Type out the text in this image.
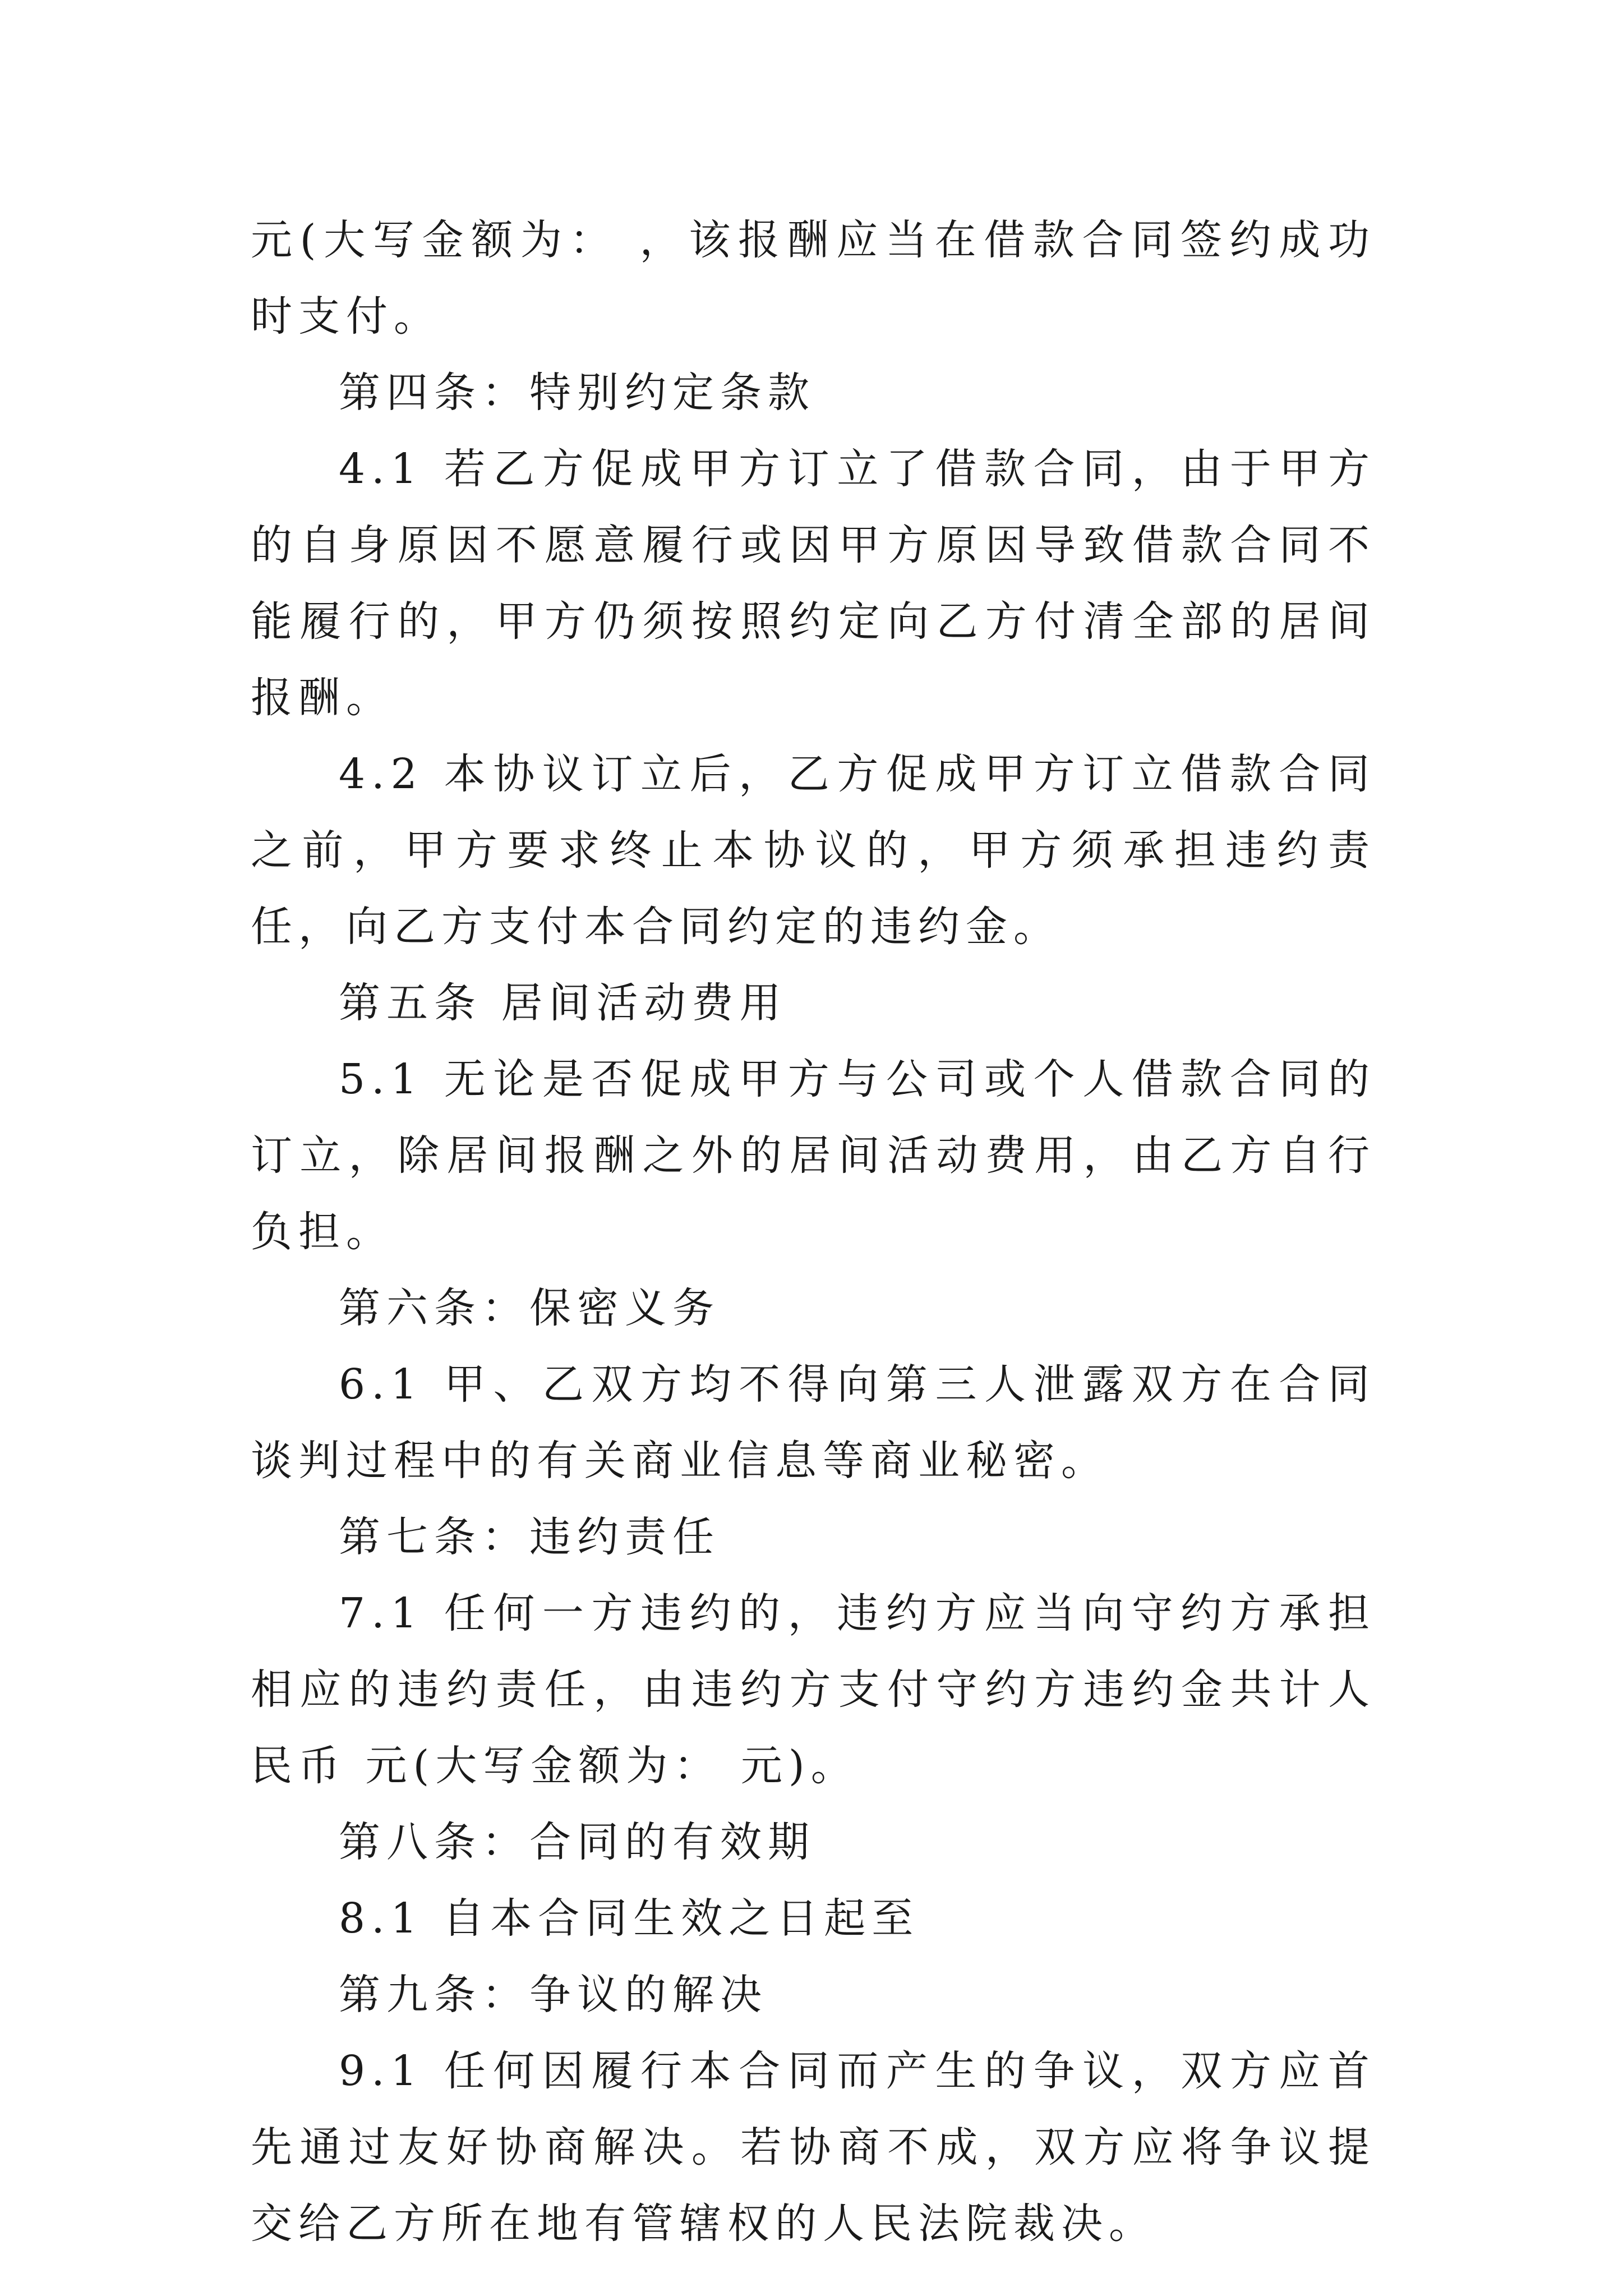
元(大写金额为： ，该报酬应当在借款合同签约成功时支付。

第四条：特别约定条款

4.1 若乙方促成甲方订立了借款合同，由于甲方的自身原因不愿意履行或因甲方原因导致借款合同不能履行的，甲方仍须按照约定向乙方付清全部的居间报酬。

4.2 本协议订立后，乙方促成甲方订立借款合同之前，甲方要求终止本协议的，甲方须承担违约责任，向乙方支付本合同约定的违约金。

第五条 居间活动费用

5.1 无论是否促成甲方与公司或个人借款合同的订立，除居间报酬之外的居间活动费用，由乙方自行负担。

第六条：保密义务

6.1 甲、乙双方均不得向第三人泄露双方在合同谈判过程中的有关商业信息等商业秘密。

第七条：违约责任

7.1 任何一方违约的，违约方应当向守约方承担相应的违约责任，由违约方支付守约方违约金共计人民币 元(大写金额为： 元)。

第八条：合同的有效期

8.1 自本合同生效之日起至

第九条：争议的解决

9.1 任何因履行本合同而产生的争议，双方应首先通过友好协商解决。若协商不成，双方应将争议提交给乙方所在地有管辖权的人民法院裁决。
